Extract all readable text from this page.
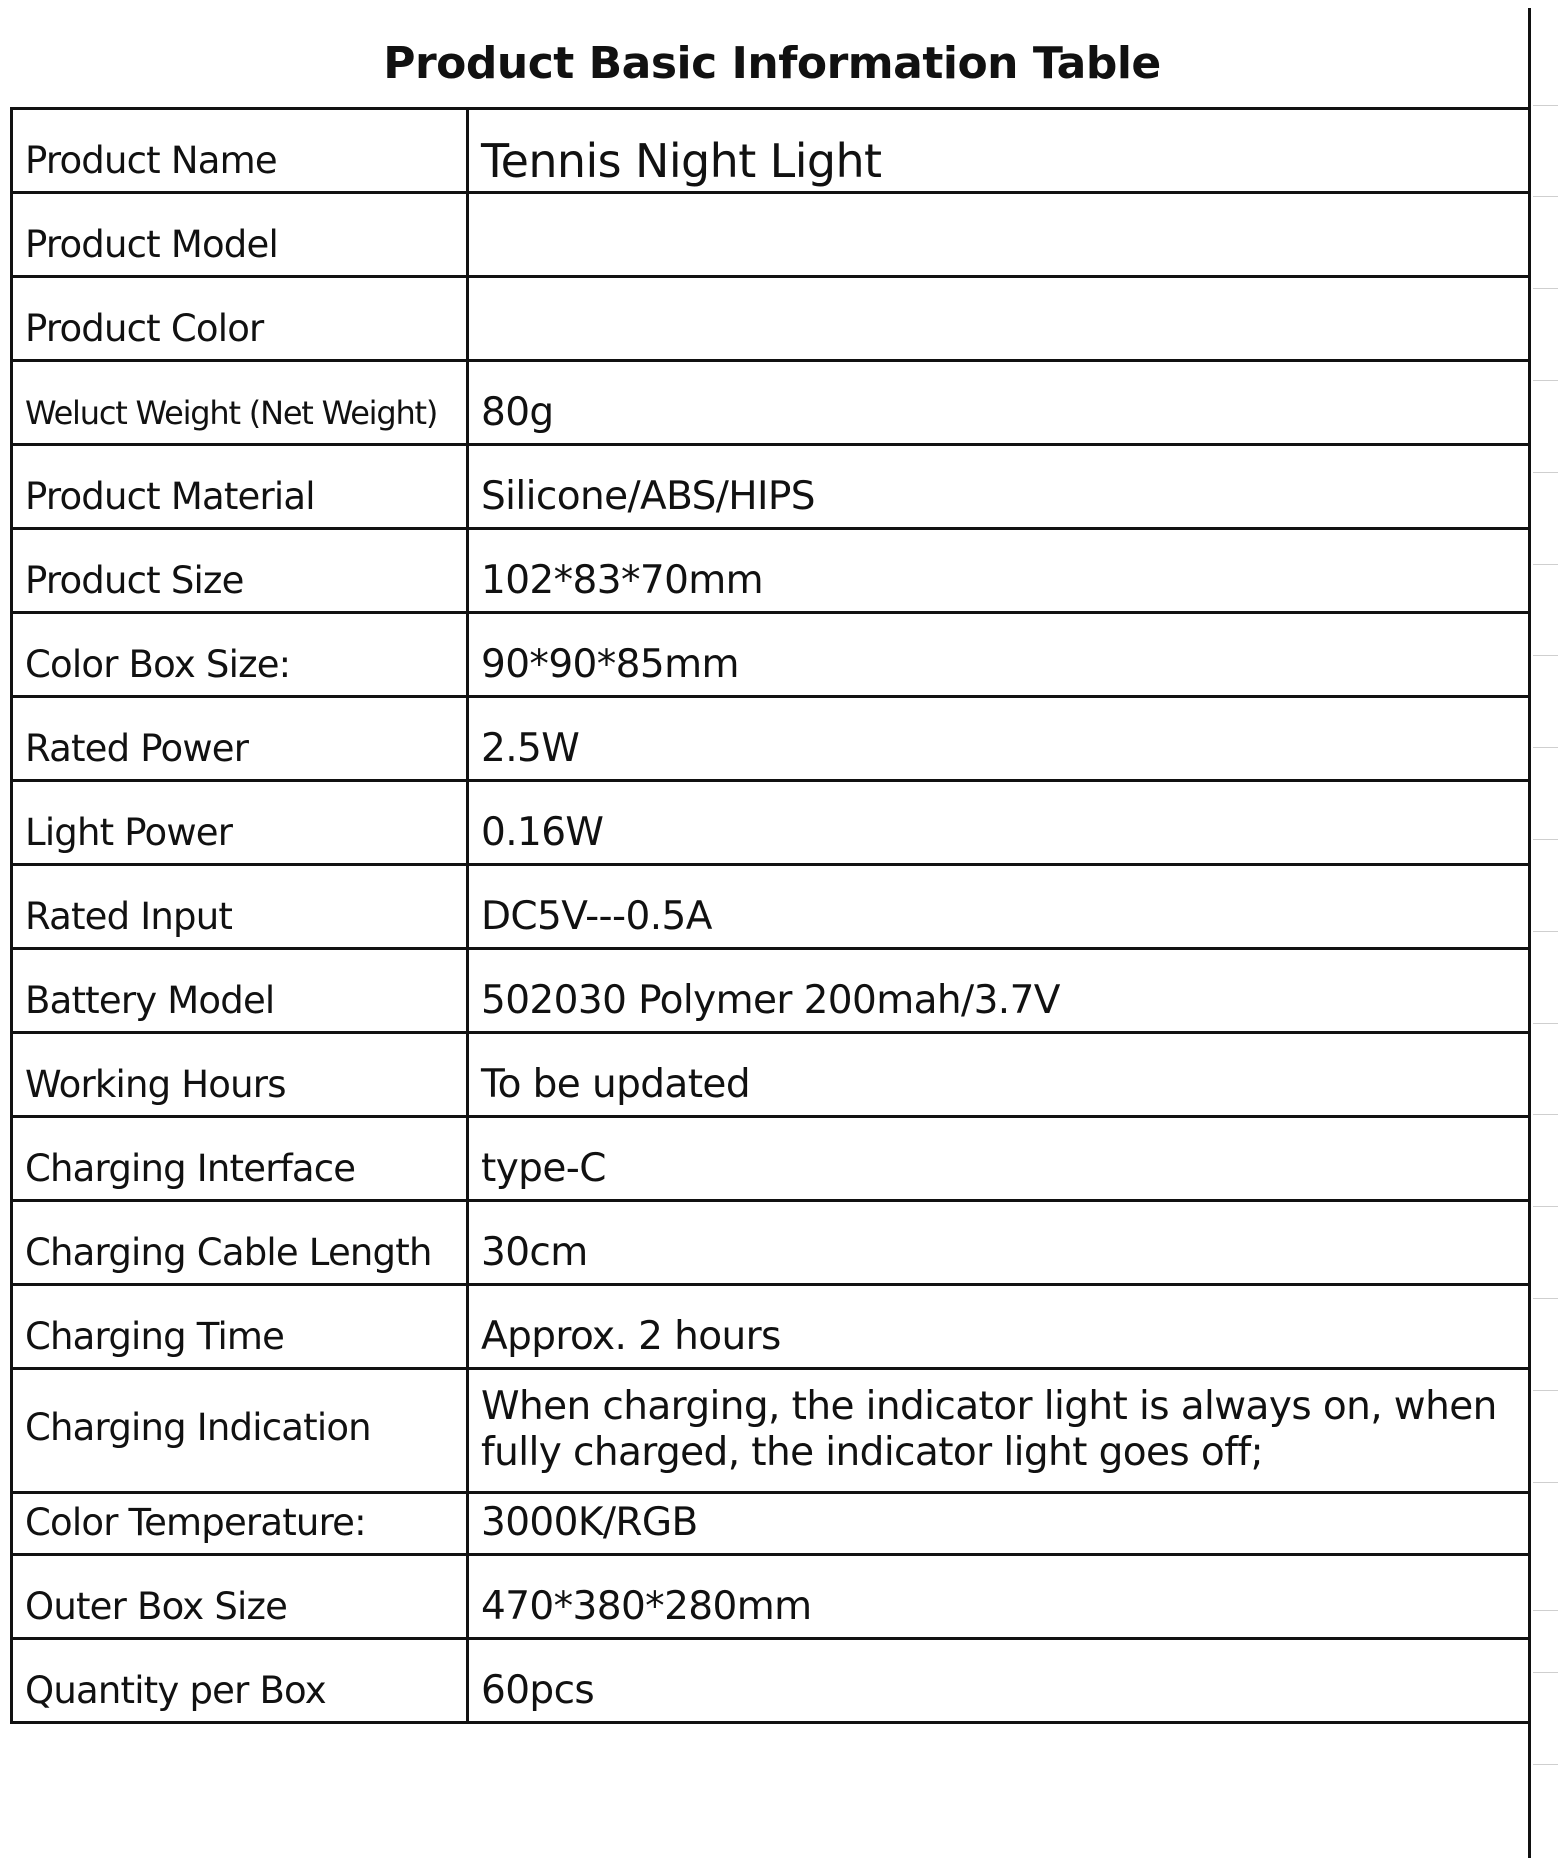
Product Basic Information Table
Product Name	Tennis Night Light
Product Model	
Product Color	
Weluct Weight (Net Weight)	80g
Product Material	Silicone/ABS/HIPS
Product Size	102*83*70mm
Color Box Size:	90*90*85mm
Rated Power	2.5W
Light Power	0.16W
Rated Input	DC5V---0.5A
Battery Model	502030 Polymer 200mah/3.7V
Working Hours	To be updated
Charging Interface	type-C
Charging Cable Length	30cm
Charging Time	Approx. 2 hours
Charging Indication	When charging, the indicator light is always on, when fully charged, the indicator light goes off;
Color Temperature:	3000K/RGB
Outer Box Size	470*380*280mm
Quantity per Box	60pcs
